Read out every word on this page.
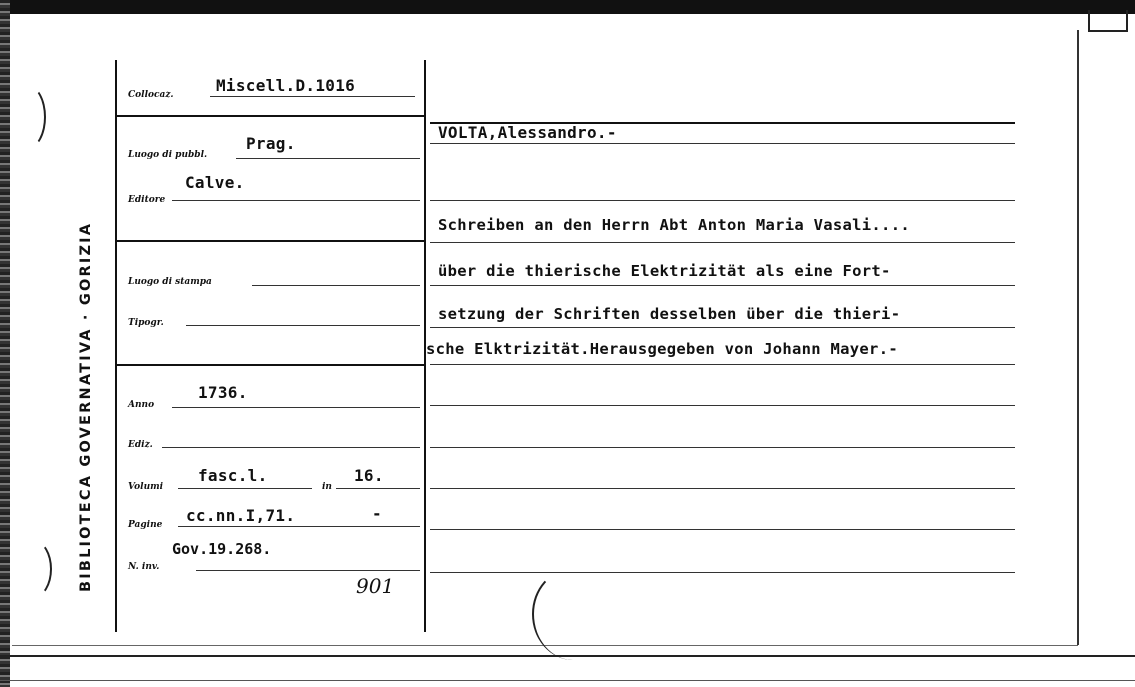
BIBLIOTECA GOVERNATIVA · GORIZIA
Collocaz.	Miscell.D.1016
Luogo di pubbl.
Prag.
Editore
Calve.
Luogo di stampa
Tipogr.
Anno
1736.
Ediz.
Volumi
fasc.l.
in
16.
Pagine cc.nn.I,71.	-
Gov.19.268.
N. inv.
901
VOLTA,Alessandro.-
Schreiben an den Herrn Abt Anton Maria Vasali....
über die thierische Elektrizität als eine Fort-
setzung der Schriften desselben über die thieri-
sche Elktrizität.Herausgegeben von Johann Mayer.-
